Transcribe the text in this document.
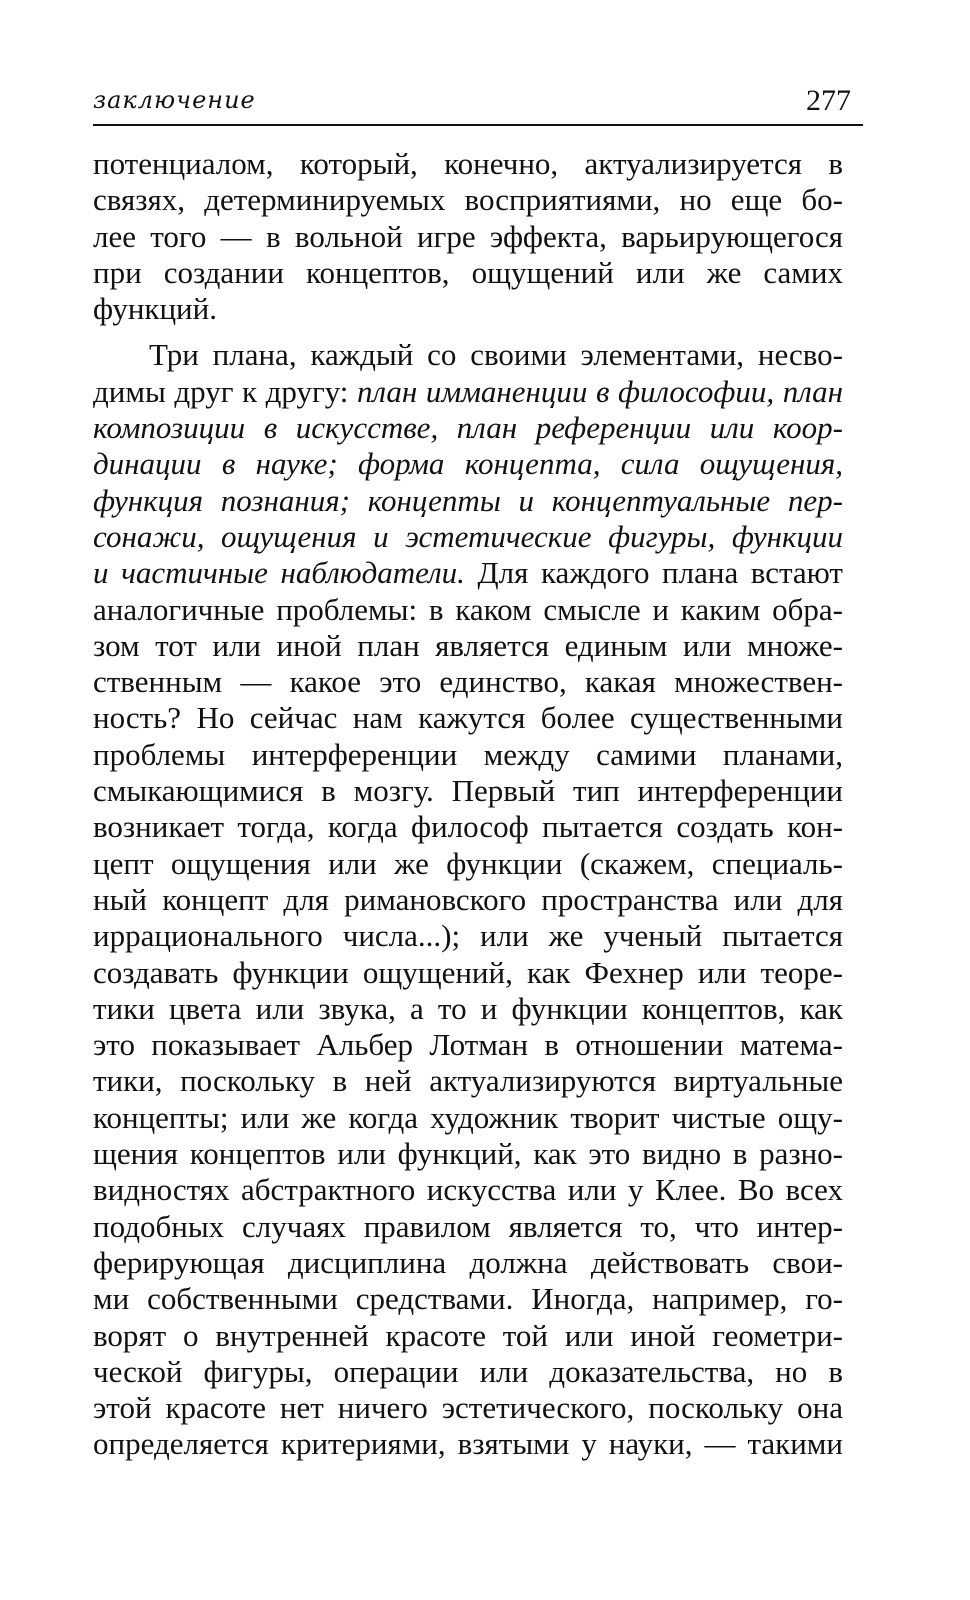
заключение	277
потенциалом, который, конечно, актуализируется в
связях, детерминируемых восприятиями, но еще бо-
лее того — в вольной игре эффекта, варьирующегося
при создании концептов, ощущений или же самих
функций.
Три плана, каждый со своими элементами, несво-
димы друг к другу: план имманенции в философии, план
композиции в искусстве, план референции или коор-
динации в науке; форма концепта, сила ощущения,
функция познания; концепты и концептуальные пер-
сонажи, ощущения и эстетические фигуры, функции
и частичные наблюдатели. Для каждого плана встают
аналогичные проблемы: в каком смысле и каким обра-
зом тот или иной план является единым или множе-
ственным — какое это единство, какая множествен-
ность? Но сейчас нам кажутся более существенными
проблемы интерференции между самими планами,
смыкающимися в мозгу. Первый тип интерференции
возникает тогда, когда философ пытается создать кон-
цепт ощущения или же функции (скажем, специаль-
ный концепт для римановского пространства или для
иррационального числа...); или же ученый пытается
создавать функции ощущений, как Фехнер или теоре-
тики цвета или звука, а то и функции концептов, как
это показывает Альбер Лотман в отношении матема-
тики, поскольку в ней актуализируются виртуальные
концепты; или же когда художник творит чистые ощу-
щения концептов или функций, как это видно в разно-
видностях абстрактного искусства или у Клее. Во всех
подобных случаях правилом является то, что интер-
ферирующая дисциплина должна действовать свои-
ми собственными средствами. Иногда, например, го-
ворят о внутренней красоте той или иной геометри-
ческой фигуры, операции или доказательства, но в
этой красоте нет ничего эстетического, поскольку она
определяется критериями, взятыми у науки, — такими
